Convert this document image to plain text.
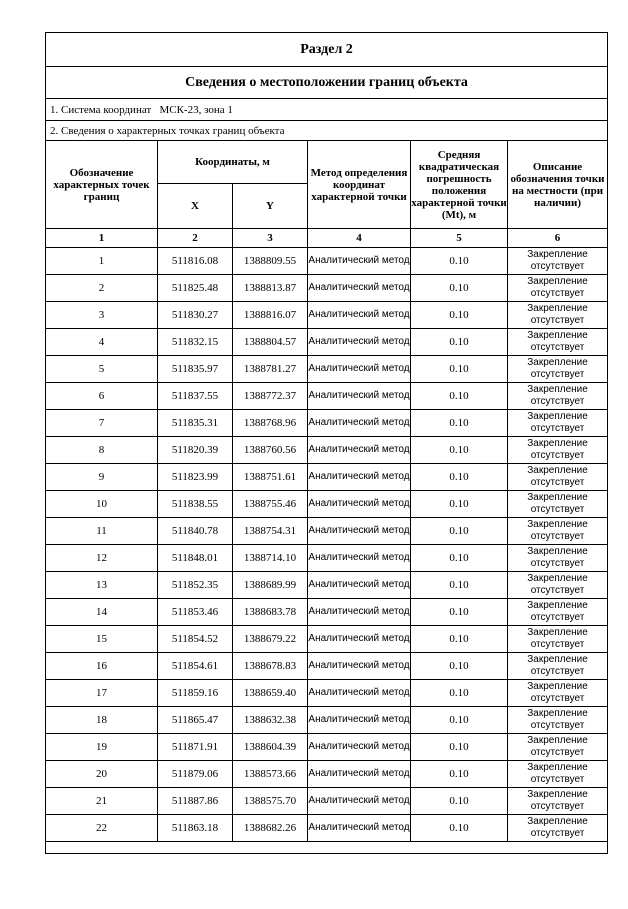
Раздел 2					
Сведения о местоположении границ объекта					
1. Система координат   МСК-23, зона 1					
2. Сведения о характерных точках границ объекта					
Обозначение характерных точек границ	Координаты, м		Метод определения координат характерной точки	Средняя квадратическая погрешность положения характерной точки (Mt), м	Описание обозначения точки на местности (при наличии)
	X	Y			
1	2	3	4	5	6
1	511816.08	1388809.55	Аналитический метод	0.10	Закрепление отсутствует
2	511825.48	1388813.87	Аналитический метод	0.10	Закрепление отсутствует
3	511830.27	1388816.07	Аналитический метод	0.10	Закрепление отсутствует
4	511832.15	1388804.57	Аналитический метод	0.10	Закрепление отсутствует
5	511835.97	1388781.27	Аналитический метод	0.10	Закрепление отсутствует
6	511837.55	1388772.37	Аналитический метод	0.10	Закрепление отсутствует
7	511835.31	1388768.96	Аналитический метод	0.10	Закрепление отсутствует
8	511820.39	1388760.56	Аналитический метод	0.10	Закрепление отсутствует
9	511823.99	1388751.61	Аналитический метод	0.10	Закрепление отсутствует
10	511838.55	1388755.46	Аналитический метод	0.10	Закрепление отсутствует
11	511840.78	1388754.31	Аналитический метод	0.10	Закрепление отсутствует
12	511848.01	1388714.10	Аналитический метод	0.10	Закрепление отсутствует
13	511852.35	1388689.99	Аналитический метод	0.10	Закрепление отсутствует
14	511853.46	1388683.78	Аналитический метод	0.10	Закрепление отсутствует
15	511854.52	1388679.22	Аналитический метод	0.10	Закрепление отсутствует
16	511854.61	1388678.83	Аналитический метод	0.10	Закрепление отсутствует
17	511859.16	1388659.40	Аналитический метод	0.10	Закрепление отсутствует
18	511865.47	1388632.38	Аналитический метод	0.10	Закрепление отсутствует
19	511871.91	1388604.39	Аналитический метод	0.10	Закрепление отсутствует
20	511879.06	1388573.66	Аналитический метод	0.10	Закрепление отсутствует
21	511887.86	1388575.70	Аналитический метод	0.10	Закрепление отсутствует
22	511863.18	1388682.26	Аналитический метод	0.10	Закрепление отсутствует
